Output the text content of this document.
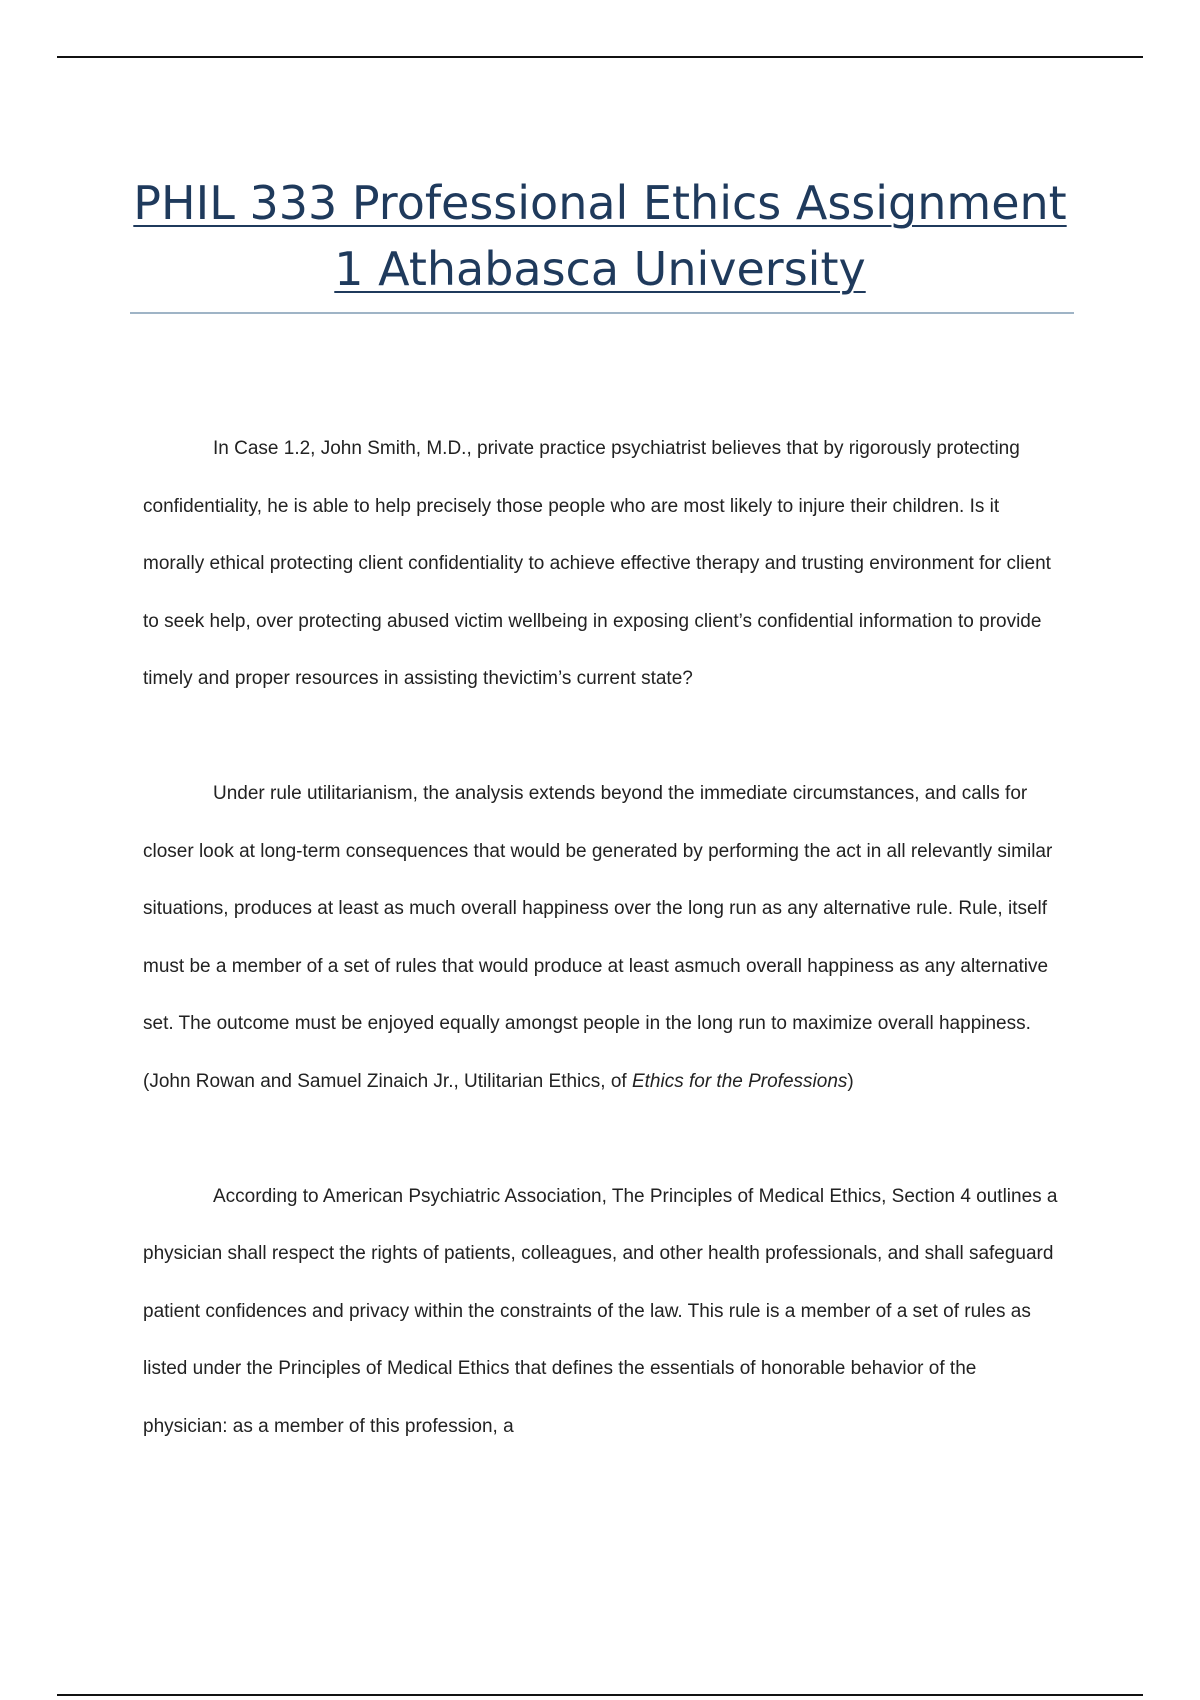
PHIL 333 Professional Ethics Assignment
1 Athabasca University

In Case 1.2, John Smith, M.D., private practice psychiatrist believes that by rigorously protecting confidentiality, he is able to help precisely those people who are most likely to injure their children. Is it morally ethical protecting client confidentiality to achieve effective therapy and trusting environment for client to seek help, over protecting abused victim wellbeing in exposing client’s confidential information to provide timely and proper resources in assisting thevictim’s current state?

Under rule utilitarianism, the analysis extends beyond the immediate circumstances, and calls for closer look at long-term consequences that would be generated by performing the act in all relevantly similar situations, produces at least as much overall happiness over the long run as any alternative rule. Rule, itself must be a member of a set of rules that would produce at least asmuch overall happiness as any alternative set. The outcome must be enjoyed equally amongst people in the long run to maximize overall happiness. (John Rowan and Samuel Zinaich Jr., Utilitarian Ethics, of Ethics for the Professions)

According to American Psychiatric Association, The Principles of Medical Ethics, Section 4 outlines a physician shall respect the rights of patients, colleagues, and other health professionals, and shall safeguard patient confidences and privacy within the constraints of the law. This rule is a member of a set of rules as listed under the Principles of Medical Ethics that defines the essentials of honorable behavior of the physician: as a member of this profession, a
